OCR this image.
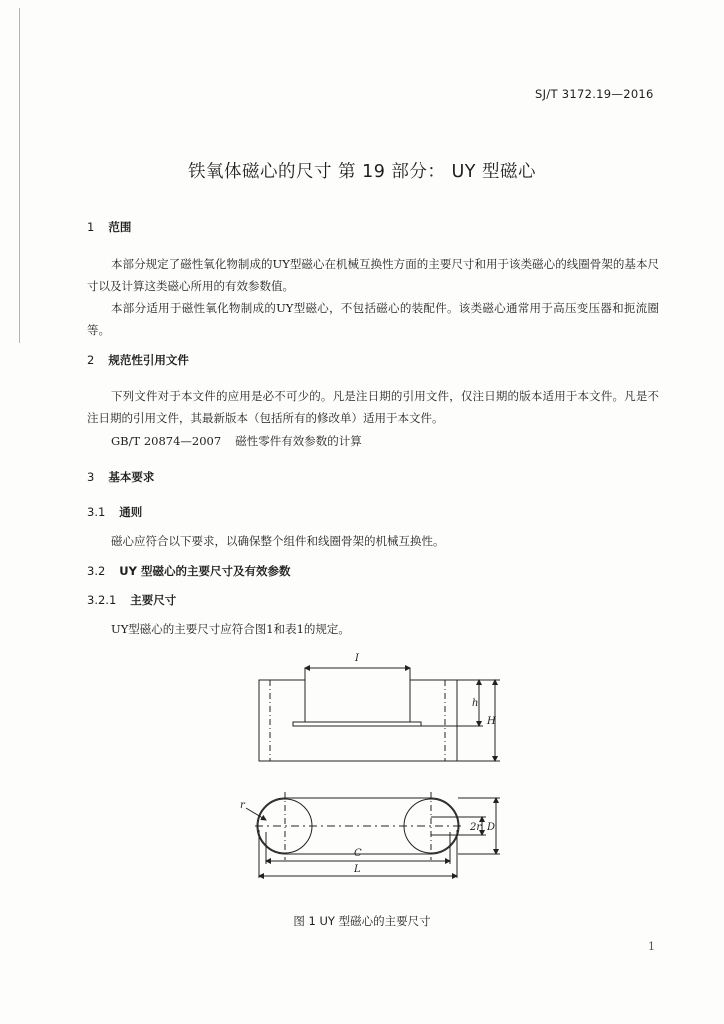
SJ/T 3172.19—2016
铁氧体磁心的尺寸 第 19 部分： UY 型磁心
1 范围
本部分规定了磁性氧化物制成的UY型磁心在机械互换性方面的主要尺寸和用于该类磁心的线圈骨架的基本尺寸以及计算这类磁心所用的有效参数值。
本部分适用于磁性氧化物制成的UY型磁心，不包括磁心的装配件。该类磁心通常用于高压变压器和扼流圈等。
2 规范性引用文件
下列文件对于本文件的应用是必不可少的。凡是注日期的引用文件，仅注日期的版本适用于本文件。凡是不注日期的引用文件，其最新版本（包括所有的修改单）适用于本文件。
GB/T 20874—2007 磁性零件有效参数的计算
3 基本要求
3.1 通则
磁心应符合以下要求，以确保整个组件和线圈骨架的机械互换性。
3.2 UY 型磁心的主要尺寸及有效参数
3.2.1 主要尺寸
UY型磁心的主要尺寸应符合图1和表1的规定。
I
h
H
r
2r D
C
L
图 1 UY 型磁心的主要尺寸
1
